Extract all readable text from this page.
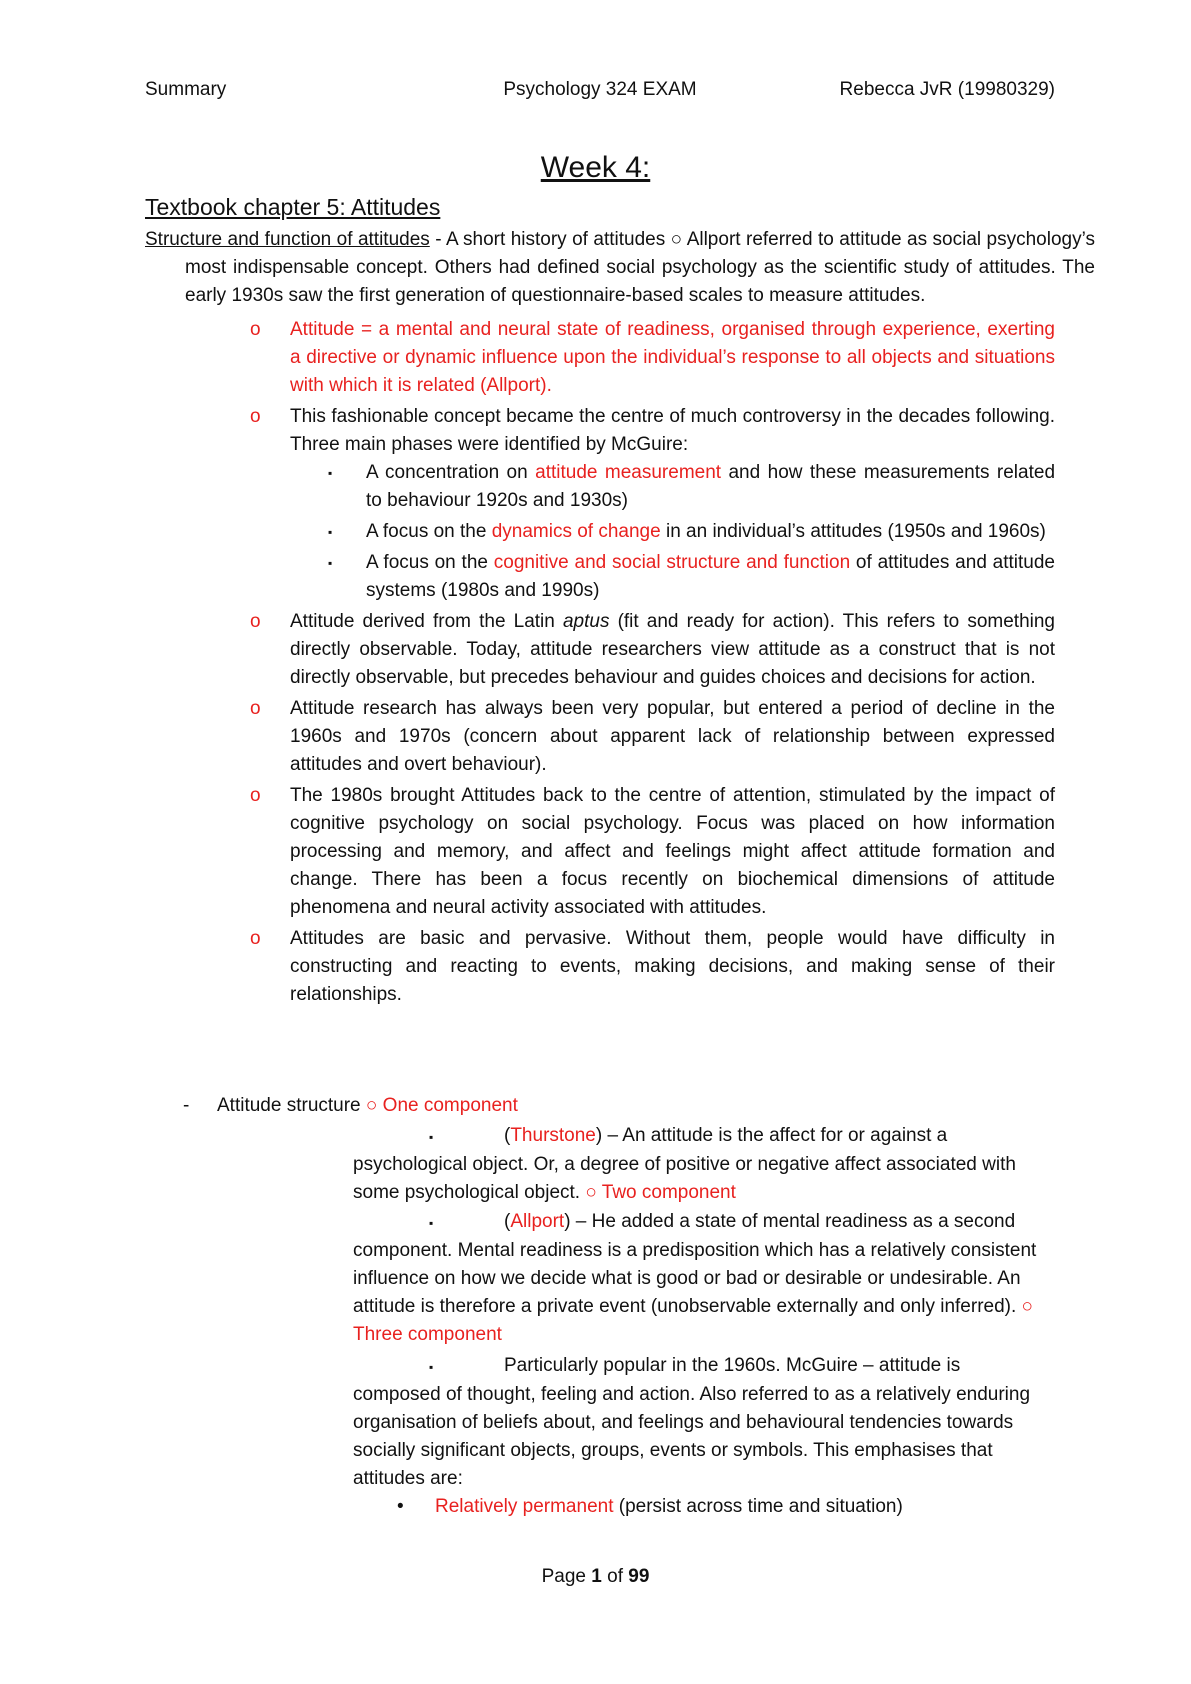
Summary	Psychology 324 EXAM	Rebecca JvR (19980329)
Week 4:
Textbook chapter 5: Attitudes
Structure and function of attitudes - A short history of attitudes ○ Allport referred to attitude as social psychology’s most indispensable concept. Others had defined social psychology as the scientific study of attitudes. The early 1930s saw the first generation of questionnaire-based scales to measure attitudes.
o Attitude = a mental and neural state of readiness, organised through experience, exerting a directive or dynamic influence upon the individual’s response to all objects and situations with which it is related (Allport).
o This fashionable concept became the centre of much controversy in the decades following. Three main phases were identified by McGuire:
▪ A concentration on attitude measurement and how these measurements related to behaviour 1920s and 1930s)
▪ A focus on the dynamics of change in an individual’s attitudes (1950s and 1960s)
▪ A focus on the cognitive and social structure and function of attitudes and attitude systems (1980s and 1990s)
o Attitude derived from the Latin aptus (fit and ready for action). This refers to something directly observable. Today, attitude researchers view attitude as a construct that is not directly observable, but precedes behaviour and guides choices and decisions for action.
o Attitude research has always been very popular, but entered a period of decline in the 1960s and 1970s (concern about apparent lack of relationship between expressed attitudes and overt behaviour).
o The 1980s brought Attitudes back to the centre of attention, stimulated by the impact of cognitive psychology on social psychology. Focus was placed on how information processing and memory, and affect and feelings might affect attitude formation and change. There has been a focus recently on biochemical dimensions of attitude phenomena and neural activity associated with attitudes.
o Attitudes are basic and pervasive. Without them, people would have difficulty in constructing and reacting to events, making decisions, and making sense of their relationships.
- Attitude structure ○ One component
▪	(Thurstone) – An attitude is the affect for or against a psychological object. Or, a degree of positive or negative affect associated with some psychological object. ○ Two component
▪	(Allport) – He added a state of mental readiness as a second component. Mental readiness is a predisposition which has a relatively consistent influence on how we decide what is good or bad or desirable or undesirable. An attitude is therefore a private event (unobservable externally and only inferred). ○ Three component
▪	Particularly popular in the 1960s. McGuire – attitude is composed of thought, feeling and action. Also referred to as a relatively enduring organisation of beliefs about, and feelings and behavioural tendencies towards socially significant objects, groups, events or symbols. This emphasises that attitudes are:
• Relatively permanent (persist across time and situation)
Page 1 of 99
